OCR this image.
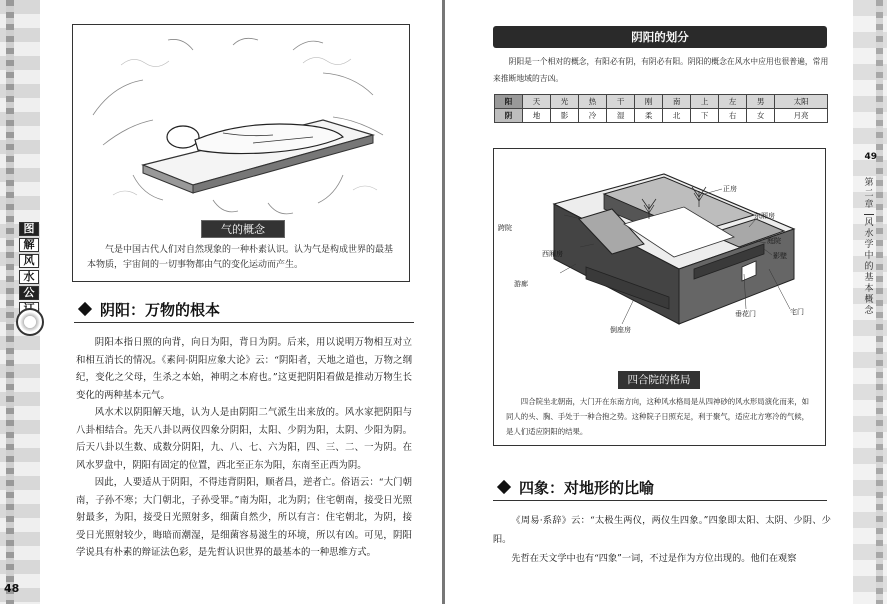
图
解
风
水
公
48
气的概念
气是中国古代人们对自然现象的一种朴素认识。认为气是构成世界的最基本物质，宇宙间的一切事物都由气的变化运动而产生。
阴阳：万物的根本

阴阳本指日照的向背，向日为阳，背日为阴。后来，用以说明万物相互对立和相互消长的情况。《素问·阴阳应象大论》云：“阴阳者，天地之道也，万物之纲纪，变化之父母，生杀之本始，神明之本府也。”这更把阴阳看做是推动万物生长变化的两种基本元气。

风水术以阴阳解天地，认为人是由阴阳二气派生出来放的。风水家把阴阳与八卦相结合。先天八卦以两仪四象分阴阳，太阳、少阴为阳，太阴、少阳为阴。后天八卦以生数、成数分阴阳，九、八、七、六为阳，四、三、二、一为阴。在风水罗盘中，阴阳有固定的位置，西北至正东为阳，东南至正西为阴。

因此，人要适从于阴阳，不得违背阴阳，顺者昌，逆者亡。俗语云：“大门朝南，子孙不寒；大门朝北，子孙受罪。”南为阳，北为阴；住宅朝南，接受日光照射最多，为阳，接受日光照射多，细菌自然少，所以有言：住宅朝北，为阴，接受日光照射较少，晦暗而潮湿，是细菌容易滋生的环境，所以有凶。可见，阴阳学说具有朴素的辩证法色彩，是先哲认识世界的最基本的一种思维方式。

49
第
二
章
风
水
学
中
的
基
本
概
念
阴阳的划分
阴阳是一个相对的概念，有阳必有阴，有阴必有阳。阴阳的概念在风水中应用也很普遍，常用来推断地域的吉凶。
阳	天	光	热	干	刚	南	上	左	男	太阳
阴	地	影	冷	湿	柔	北	下	右	女	月亮
正房
东厢房
庭院
影壁
跨院
西厢房
游廊
垂花门	宅门
倒座房
四合院的格局
四合院坐北朝南，大门开在东南方向，这种风水格局是从四神砂的风水形局演化而来，如同人的头、胸、手处于一种合抱之势。这种院子日照充足，利于聚气，适应北方寒冷的气候，是人们适应阴阳的结果。
四象：对地形的比喻

《周易·系辞》云：“太极生两仪，两仪生四象。”四象即太阳、太阴、少阴、少阳。

先哲在天文学中也有“四象”一词，不过是作为方位出现的。他们在观察
